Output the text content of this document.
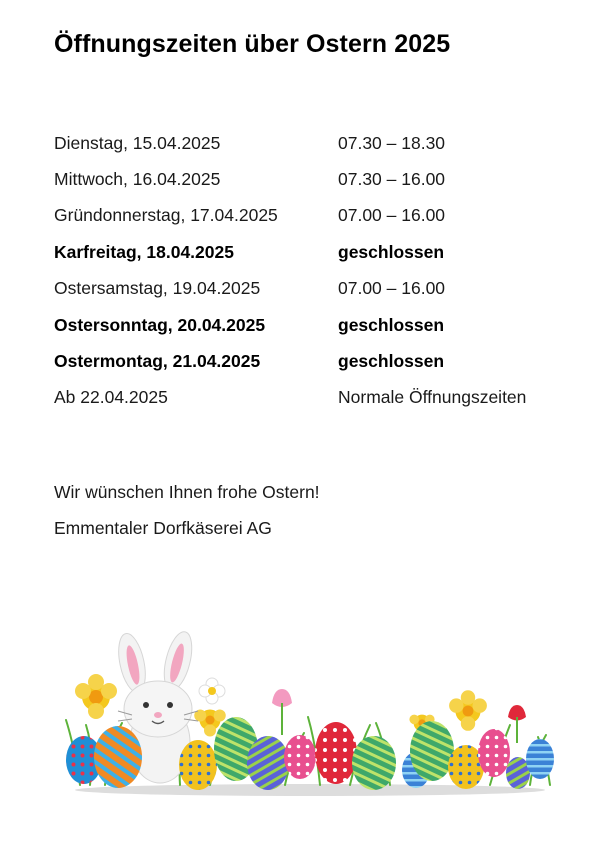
Öffnungszeiten über Ostern 2025
Dienstag, 15.04.2025	07.30 – 18.30
Mittwoch, 16.04.2025	07.30 – 16.00
Gründonnerstag, 17.04.2025	07.00 – 16.00
Karfreitag, 18.04.2025	geschlossen
Ostersamstag, 19.04.2025	07.00 – 16.00
Ostersonntag, 20.04.2025	geschlossen
Ostermontag, 21.04.2025	geschlossen
Ab 22.04.2025	Normale Öffnungszeiten

Wir wünschen Ihnen frohe Ostern!

Emmentaler Dorfkäserei AG
